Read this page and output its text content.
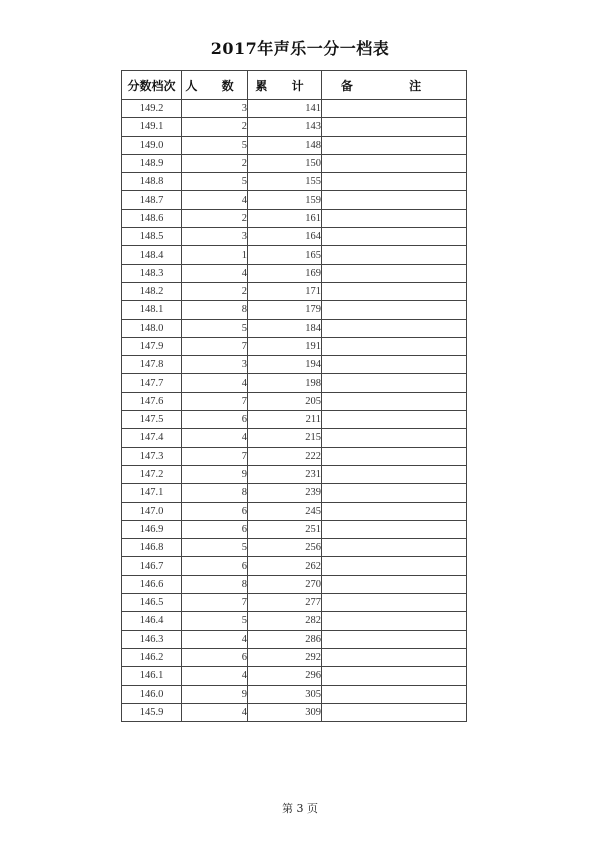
2017年声乐一分一档表
分数档次	人 数	累 计	备 注
149.2	3	141	
149.1	2	143	
149.0	5	148	
148.9	2	150	
148.8	5	155	
148.7	4	159	
148.6	2	161	
148.5	3	164	
148.4	1	165	
148.3	4	169	
148.2	2	171	
148.1	8	179	
148.0	5	184	
147.9	7	191	
147.8	3	194	
147.7	4	198	
147.6	7	205	
147.5	6	211	
147.4	4	215	
147.3	7	222	
147.2	9	231	
147.1	8	239	
147.0	6	245	
146.9	6	251	
146.8	5	256	
146.7	6	262	
146.6	8	270	
146.5	7	277	
146.4	5	282	
146.3	4	286	
146.2	6	292	
146.1	4	296	
146.0	9	305	
145.9	4	309	
第 3 页
